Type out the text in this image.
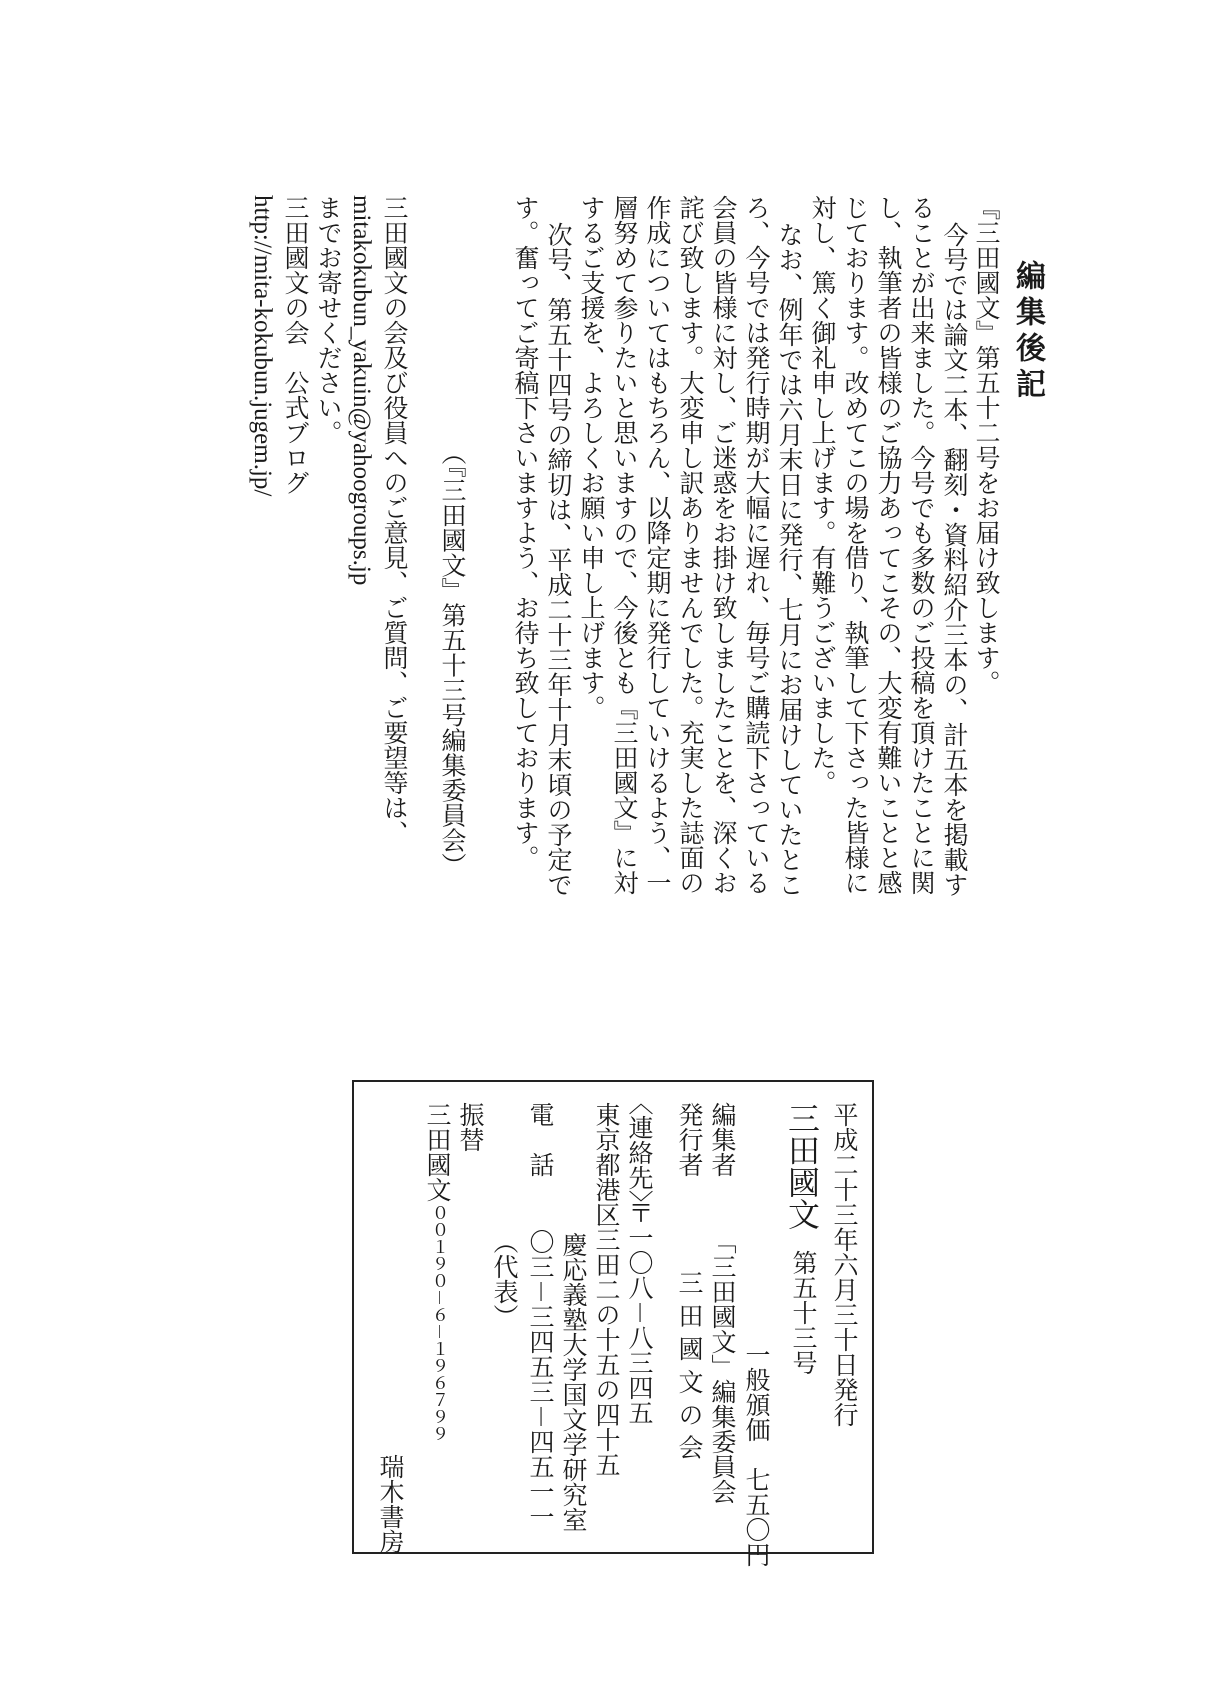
編集後記
『三田國文』第五十二号をお届け致します。
今号では論文二本、翻刻・資料紹介三本の、計五本を掲載す
ることが出来ました。今号でも多数のご投稿を頂けたことに関
し、執筆者の皆様のご協力あってこその、大変有難いことと感
じております。改めてこの場を借り、執筆して下さった皆様に
対し、篤く御礼申し上げます。有難うございました。
なお、例年では六月末日に発行、七月にお届けしていたとこ
ろ、今号では発行時期が大幅に遅れ、毎号ご購読下さっている
会員の皆様に対し、ご迷惑をお掛け致しましたことを、深くお
詫び致します。大変申し訳ありませんでした。充実した誌面の
作成についてはもちろん、以降定期に発行していけるよう、一
層努めて参りたいと思いますので、今後とも『三田國文』に対
するご支援を、よろしくお願い申し上げます。
次号、第五十四号の締切は、平成二十三年十月末頃の予定で
す。奮ってご寄稿下さいますよう、お待ち致しております。
（『三田國文』第五十三号編集委員会）
三田國文の会及び役員へのご意見、ご質問、ご要望等は、
mitakokubun_yakuin@yahoogroups.jp
までお寄せください。
三田國文の会　公式ブログ
http://mita-kokubun.jugem.jp/
平成二十三年六月三十日発行
三田國文
第五十三号
一般頒価　七五〇円
編集者
「三田國文」編集委員会
発行者
三 田 國 文 の 会
〈連絡先〉
〒一〇八－八三四五
東京都港区三田二の十五の四十五
慶応義塾大学国文学研究室
電　話
〇三－三四五三－四五一一
（代表）
振替
三田國文
００１９０－６－１９６７９９
瑞木書房
